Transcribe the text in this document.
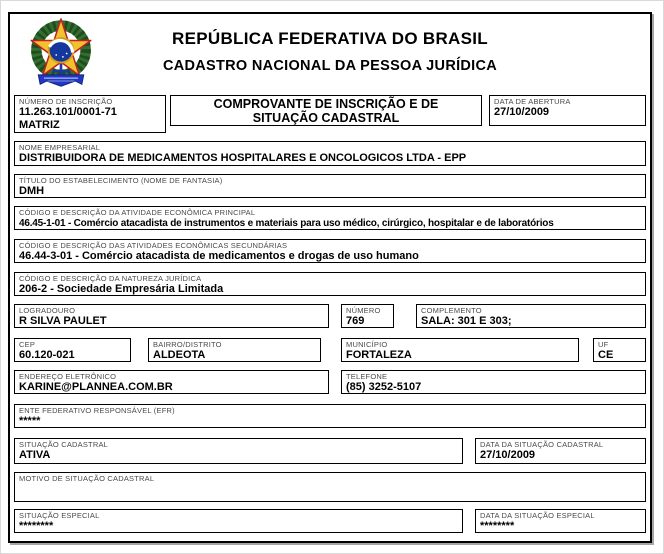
REPÚBLICA FEDERATIVA DO BRASIL
CADASTRO NACIONAL DA PESSOA JURÍDICA
NÚMERO DE INSCRIÇÃO
11.263.101/0001-71
MATRIZ
COMPROVANTE DE INSCRIÇÃO E DE SITUAÇÃO CADASTRAL
DATA DE ABERTURA
27/10/2009
NOME EMPRESARIAL
DISTRIBUIDORA DE MEDICAMENTOS HOSPITALARES E ONCOLOGICOS LTDA - EPP
TÍTULO DO ESTABELECIMENTO (NOME DE FANTASIA)
DMH
CÓDIGO E DESCRIÇÃO DA ATIVIDADE ECONÔMICA PRINCIPAL
46.45-1-01 - Comércio atacadista de instrumentos e materiais para uso médico, cirúrgico, hospitalar e de laboratórios
CÓDIGO E DESCRIÇÃO DAS ATIVIDADES ECONÔMICAS SECUNDÁRIAS
46.44-3-01 - Comércio atacadista de medicamentos e drogas de uso humano
CÓDIGO E DESCRIÇÃO DA NATUREZA JURÍDICA
206-2 - Sociedade Empresária Limitada
LOGRADOURO
R SILVA PAULET
NÚMERO
769
COMPLEMENTO
SALA: 301 E 303;
CEP
60.120-021
BAIRRO/DISTRITO
ALDEOTA
MUNICÍPIO
FORTALEZA
UF
CE
ENDEREÇO ELETRÔNICO
KARINE@PLANNEA.COM.BR
TELEFONE
(85) 3252-5107
ENTE FEDERATIVO RESPONSÁVEL (EFR)
*****
SITUAÇÃO CADASTRAL
ATIVA
DATA DA SITUAÇÃO CADASTRAL
27/10/2009
MOTIVO DE SITUAÇÃO CADASTRAL
SITUAÇÃO ESPECIAL
********
DATA DA SITUAÇÃO ESPECIAL
********
